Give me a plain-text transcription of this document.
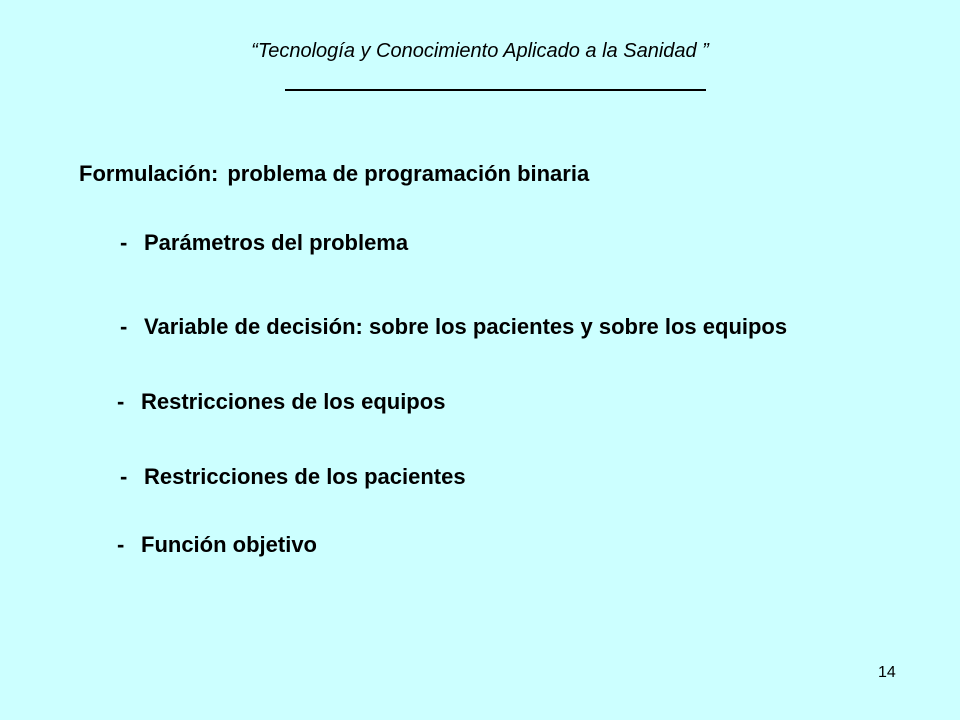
“Tecnología y Conocimiento Aplicado a la Sanidad ”
Formulación: problema de programación binaria
- Parámetros del problema
- Variable de decisión: sobre los pacientes y sobre los equipos
- Restricciones de los equipos
- Restricciones de los pacientes
- Función objetivo
14
